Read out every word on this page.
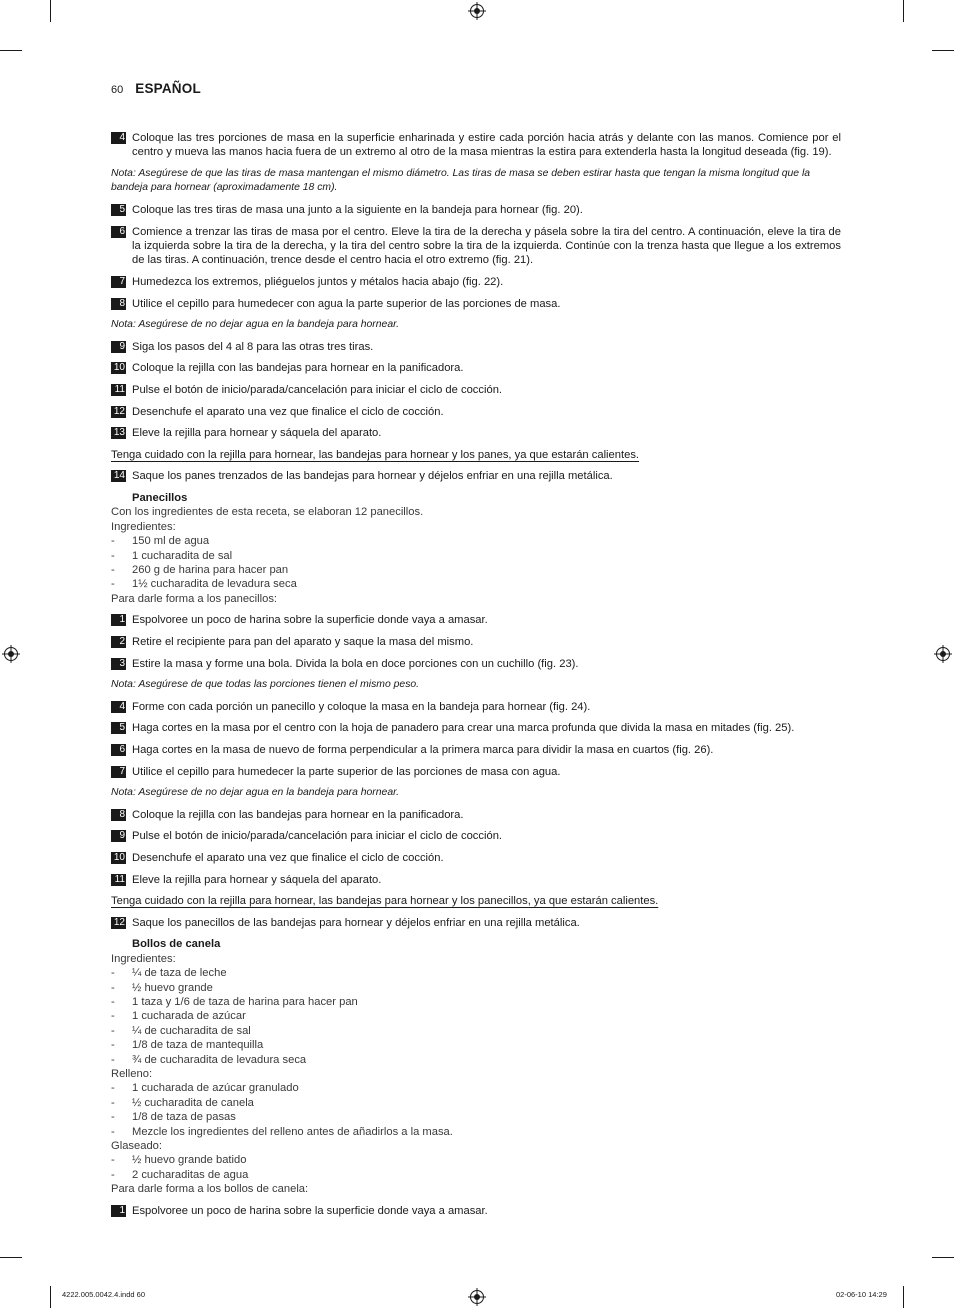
60 ESPAÑOL
4 Coloque las tres porciones de masa en la superficie enharinada y estire cada porción hacia atrás y delante con las manos. Comience por el centro y mueva las manos hacia fuera de un extremo al otro de la masa mientras la estira para extenderla hasta la longitud deseada (fig. 19).
Nota: Asegúrese de que las tiras de masa mantengan el mismo diámetro. Las tiras de masa se deben estirar hasta que tengan la misma longitud que la bandeja para hornear (aproximadamente 18 cm).
5 Coloque las tres tiras de masa una junto a la siguiente en la bandeja para hornear (fig. 20).
6 Comience a trenzar las tiras de masa por el centro. Eleve la tira de la derecha y pásela sobre la tira del centro. A continuación, eleve la tira de la izquierda sobre la tira de la derecha, y la tira del centro sobre la tira de la izquierda. Continúe con la trenza hasta que llegue a los extremos de las tiras. A continuación, trence desde el centro hacia el otro extremo (fig. 21).
7 Humedezca los extremos, pliéguelos juntos y métalos hacia abajo (fig. 22).
8 Utilice el cepillo para humedecer con agua la parte superior de las porciones de masa.
Nota: Asegúrese de no dejar agua en la bandeja para hornear.
9 Siga los pasos del 4 al 8 para las otras tres tiras.
10 Coloque la rejilla con las bandejas para hornear en la panificadora.
11 Pulse el botón de inicio/parada/cancelación para iniciar el ciclo de cocción.
12 Desenchufe el aparato una vez que finalice el ciclo de cocción.
13 Eleve la rejilla para hornear y sáquela del aparato.
Tenga cuidado con la rejilla para hornear, las bandejas para hornear y los panes, ya que estarán calientes.
14 Saque los panes trenzados de las bandejas para hornear y déjelos enfriar en una rejilla metálica.
Panecillos
Con los ingredientes de esta receta, se elaboran 12 panecillos.
Ingredientes:
-	150 ml de agua
-	1 cucharadita de sal
-	260 g de harina para hacer pan
-	1½ cucharadita de levadura seca
Para darle forma a los panecillos:
1 Espolvoree un poco de harina sobre la superficie donde vaya a amasar.
2 Retire el recipiente para pan del aparato y saque la masa del mismo.
3 Estire la masa y forme una bola. Divida la bola en doce porciones con un cuchillo (fig. 23).
Nota: Asegúrese de que todas las porciones tienen el mismo peso.
4 Forme con cada porción un panecillo y coloque la masa en la bandeja para hornear (fig. 24).
5 Haga cortes en la masa por el centro con la hoja de panadero para crear una marca profunda que divida la masa en mitades (fig. 25).
6 Haga cortes en la masa de nuevo de forma perpendicular a la primera marca para dividir la masa en cuartos (fig. 26).
7 Utilice el cepillo para humedecer la parte superior de las porciones de masa con agua.
Nota: Asegúrese de no dejar agua en la bandeja para hornear.
8 Coloque la rejilla con las bandejas para hornear en la panificadora.
9 Pulse el botón de inicio/parada/cancelación para iniciar el ciclo de cocción.
10 Desenchufe el aparato una vez que finalice el ciclo de cocción.
11 Eleve la rejilla para hornear y sáquela del aparato.
Tenga cuidado con la rejilla para hornear, las bandejas para hornear y los panecillos, ya que estarán calientes.
12 Saque los panecillos de las bandejas para hornear y déjelos enfriar en una rejilla metálica.
Bollos de canela
Ingredientes:
-	¼ de taza de leche
-	½ huevo grande
-	1 taza y 1/6 de taza de harina para hacer pan
-	1 cucharada de azúcar
-	¼ de cucharadita de sal
-	1/8 de taza de mantequilla
-	¾ de cucharadita de levadura seca
Relleno:
-	1 cucharada de azúcar granulado
-	½ cucharadita de canela
-	1/8 de taza de pasas
-	Mezcle los ingredientes del relleno antes de añadirlos a la masa.
Glaseado:
-	½ huevo grande batido
-	2 cucharaditas de agua
Para darle forma a los bollos de canela:
1 Espolvoree un poco de harina sobre la superficie donde vaya a amasar.
4222.005.0042.4.indd 60	02-06-10 14:29
